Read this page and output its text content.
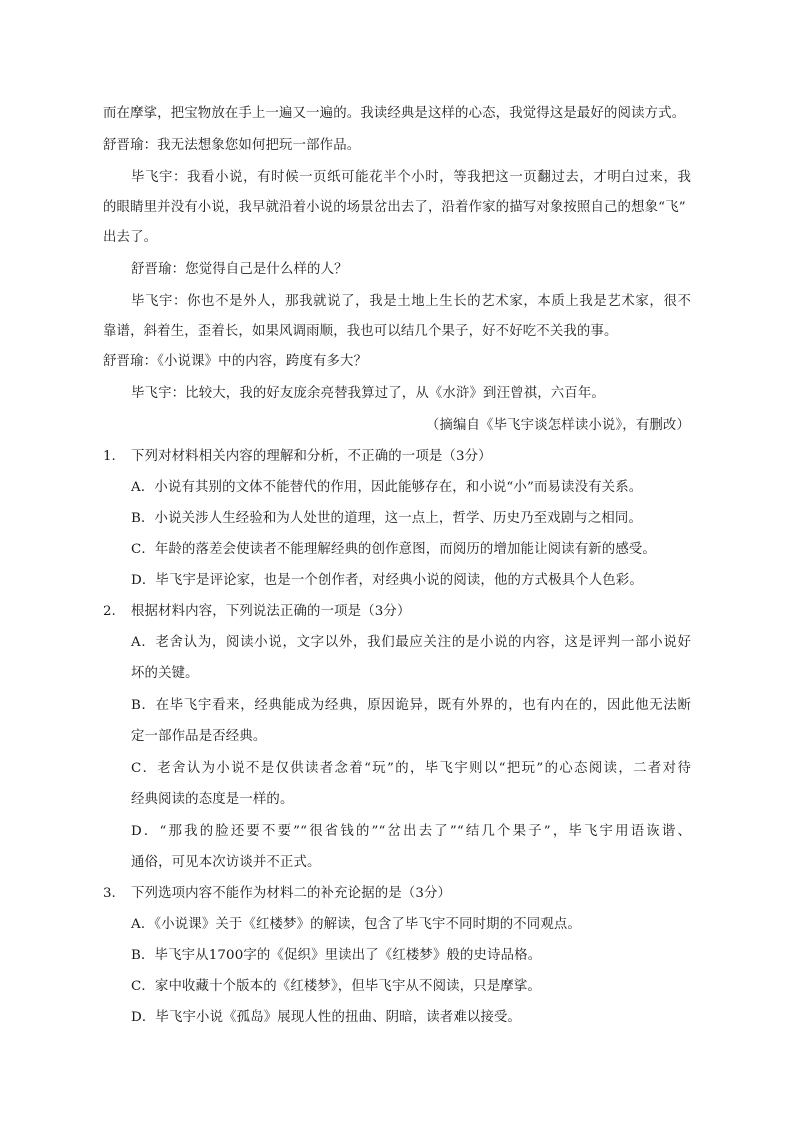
而在摩挲，把宝物放在手上一遍又一遍的。我读经典是这样的心态，我觉得这是最好的阅读方式。
舒晋瑜：我无法想象您如何把玩一部作品。
毕飞宇：我看小说，有时候一页纸可能花半个小时，等我把这一页翻过去，才明白过来，我
的眼睛里并没有小说，我早就沿着小说的场景岔出去了，沿着作家的描写对象按照自己的想象“飞”
出去了。
舒晋瑜：您觉得自己是什么样的人？
毕飞宇：你也不是外人，那我就说了，我是土地上生长的艺术家，本质上我是艺术家，很不
靠谱，斜着生，歪着长，如果风调雨顺，我也可以结几个果子，好不好吃不关我的事。
舒晋瑜：《小说课》中的内容，跨度有多大？
毕飞宇：比较大，我的好友庞余亮替我算过了，从《水浒》到汪曾祺，六百年。
（摘编自《毕飞宇谈怎样读小说》，有删改）
1. 下列对材料相关内容的理解和分析，不正确的一项是（3分）
A．小说有其别的文体不能替代的作用，因此能够存在，和小说“小”而易读没有关系。
B．小说关涉人生经验和为人处世的道理，这一点上，哲学、历史乃至戏剧与之相同。
C．年龄的落差会使读者不能理解经典的创作意图，而阅历的增加能让阅读有新的感受。
D．毕飞宇是评论家，也是一个创作者，对经典小说的阅读，他的方式极具个人色彩。
2. 根据材料内容，下列说法正确的一项是（3分）
A．老舍认为，阅读小说，文字以外，我们最应关注的是小说的内容，这是评判一部小说好
坏的关键。
B．在毕飞宇看来，经典能成为经典，原因诡异，既有外界的，也有内在的，因此他无法断
定一部作品是否经典。
C．老舍认为小说不是仅供读者念着“玩”的，毕飞宇则以“把玩”的心态阅读，二者对待
经典阅读的态度是一样的。
D．“那我的脸还要不要”“很省钱的”“岔出去了”“结几个果子”，毕飞宇用语诙谐、
通俗，可见本次访谈并不正式。
3. 下列选项内容不能作为材料二的补充论据的是（3分）
A．《小说课》关于《红楼梦》的解读，包含了毕飞宇不同时期的不同观点。
B．毕飞宇从1700字的《促织》里读出了《红楼梦》般的史诗品格。
C．家中收藏十个版本的《红楼梦》，但毕飞宇从不阅读，只是摩挲。
D．毕飞宇小说《孤岛》展现人性的扭曲、阴暗，读者难以接受。
